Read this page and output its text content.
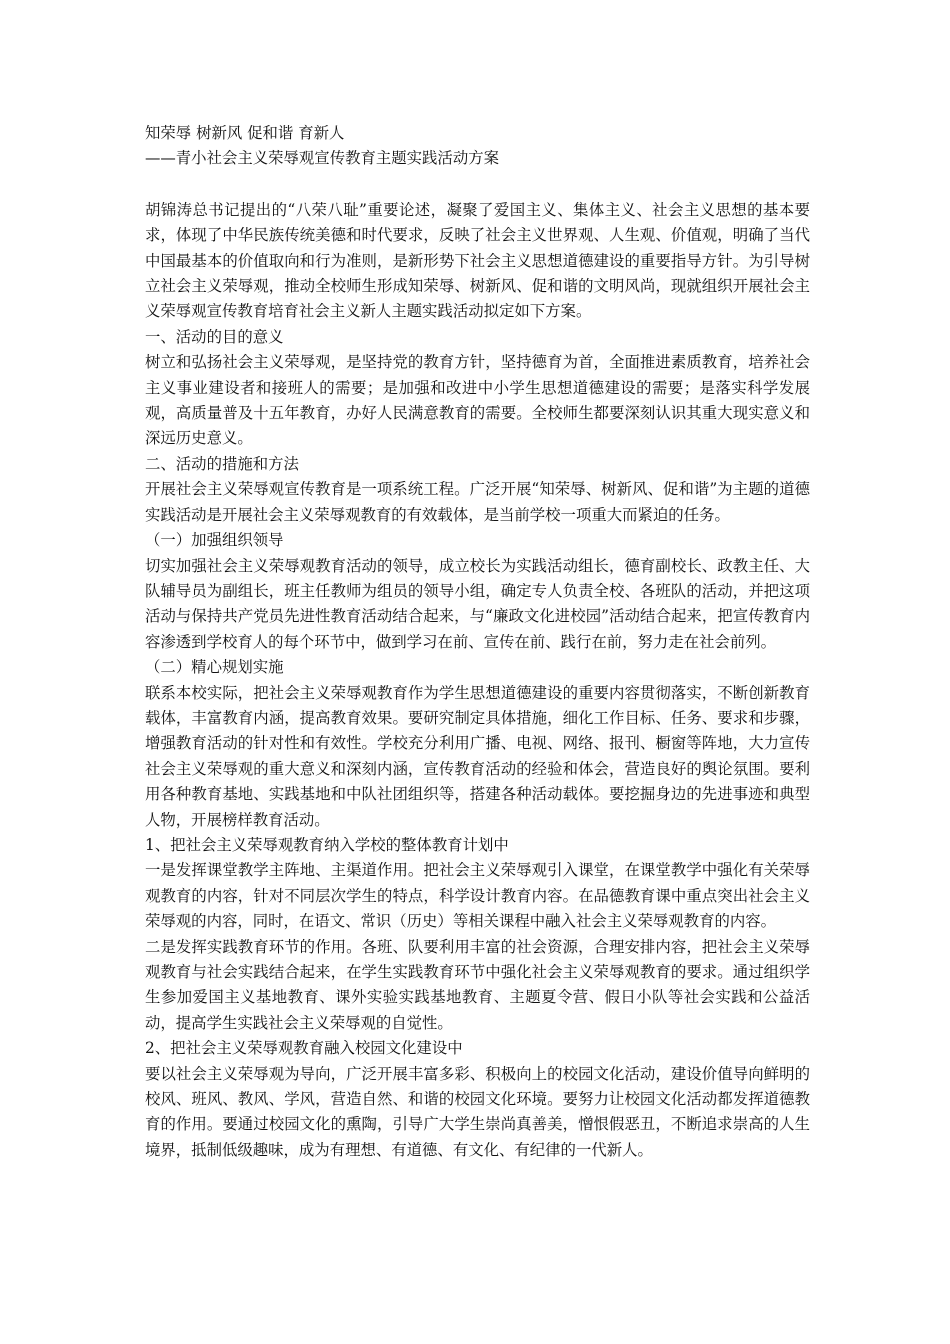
知荣辱 树新风 促和谐 育新人
——青小社会主义荣辱观宣传教育主题实践活动方案

胡锦涛总书记提出的“八荣八耻”重要论述，凝聚了爱国主义、集体主义、社会主义思想的基本要求，体现了中华民族传统美德和时代要求，反映了社会主义世界观、人生观、价值观，明确了当代中国最基本的价值取向和行为准则，是新形势下社会主义思想道德建设的重要指导方针。为引导树立社会主义荣辱观，推动全校师生形成知荣辱、树新风、促和谐的文明风尚，现就组织开展社会主义荣辱观宣传教育培育社会主义新人主题实践活动拟定如下方案。

一、活动的目的意义

树立和弘扬社会主义荣辱观，是坚持党的教育方针，坚持德育为首，全面推进素质教育，培养社会主义事业建设者和接班人的需要；是加强和改进中小学生思想道德建设的需要；是落实科学发展观，高质量普及十五年教育，办好人民满意教育的需要。全校师生都要深刻认识其重大现实意义和深远历史意义。

二、活动的措施和方法

开展社会主义荣辱观宣传教育是一项系统工程。广泛开展“知荣辱、树新风、促和谐”为主题的道德实践活动是开展社会主义荣辱观教育的有效载体，是当前学校一项重大而紧迫的任务。

（一）加强组织领导

切实加强社会主义荣辱观教育活动的领导，成立校长为实践活动组长，德育副校长、政教主任、大队辅导员为副组长，班主任教师为组员的领导小组，确定专人负责全校、各班队的活动，并把这项活动与保持共产党员先进性教育活动结合起来，与“廉政文化进校园”活动结合起来，把宣传教育内容渗透到学校育人的每个环节中，做到学习在前、宣传在前、践行在前，努力走在社会前列。

（二）精心规划实施

联系本校实际，把社会主义荣辱观教育作为学生思想道德建设的重要内容贯彻落实，不断创新教育载体，丰富教育内涵，提高教育效果。要研究制定具体措施，细化工作目标、任务、要求和步骤，增强教育活动的针对性和有效性。学校充分利用广播、电视、网络、报刊、橱窗等阵地，大力宣传社会主义荣辱观的重大意义和深刻内涵，宣传教育活动的经验和体会，营造良好的舆论氛围。要利用各种教育基地、实践基地和中队社团组织等，搭建各种活动载体。要挖掘身边的先进事迹和典型人物，开展榜样教育活动。

1、把社会主义荣辱观教育纳入学校的整体教育计划中

一是发挥课堂教学主阵地、主渠道作用。把社会主义荣辱观引入课堂，在课堂教学中强化有关荣辱观教育的内容，针对不同层次学生的特点，科学设计教育内容。在品德教育课中重点突出社会主义荣辱观的内容，同时，在语文、常识（历史）等相关课程中融入社会主义荣辱观教育的内容。

二是发挥实践教育环节的作用。各班、队要利用丰富的社会资源，合理安排内容，把社会主义荣辱观教育与社会实践结合起来，在学生实践教育环节中强化社会主义荣辱观教育的要求。通过组织学生参加爱国主义基地教育、课外实验实践基地教育、主题夏令营、假日小队等社会实践和公益活动，提高学生实践社会主义荣辱观的自觉性。

2、把社会主义荣辱观教育融入校园文化建设中

要以社会主义荣辱观为导向，广泛开展丰富多彩、积极向上的校园文化活动，建设价值导向鲜明的校风、班风、教风、学风，营造自然、和谐的校园文化环境。要努力让校园文化活动都发挥道德教育的作用。要通过校园文化的熏陶，引导广大学生崇尚真善美，憎恨假恶丑，不断追求崇高的人生境界，抵制低级趣味，成为有理想、有道德、有文化、有纪律的一代新人。
